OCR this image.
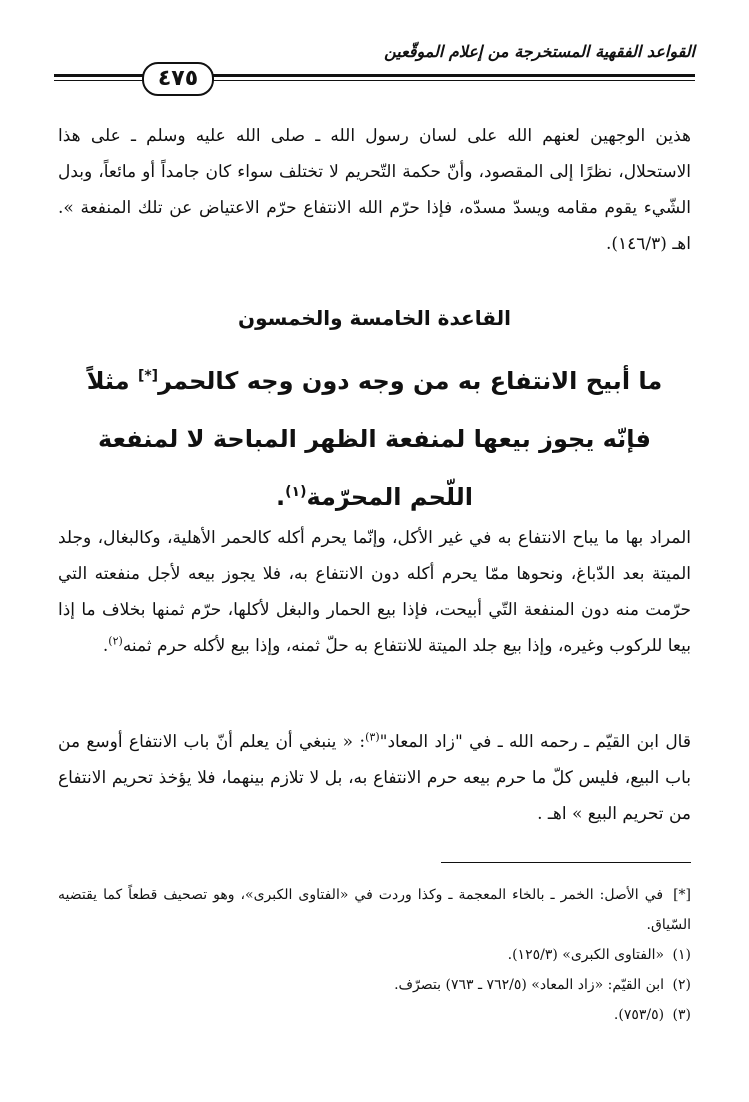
القواعد الفقهية المستخرجة من إعلام الموقّعين
٤٧٥
هذين الوجهين لعنهم الله على لسان رسول الله ـ صلى الله عليه وسلم ـ على هذا الاستحلال، نظرًا إلى المقصود، وأنّ حكمة التّحريم لا تختلف سواء كان جامداً أو مائعاً، وبدل الشّيء يقوم مقامه ويسدّ مسدّه، فإذا حرّم الله الانتفاع حرّم الاعتياض عن تلك المنفعة ». اهـ (١٤٦/٣).
القاعدة الخامسة والخمسون
ما أبيح الانتفاع به من وجه دون وجه كالحمر[*] مثلاً فإنّه يجوز بيعها لمنفعة الظهر المباحة لا لمنفعة اللّحم المحرّمة$^{(١)}$.
المراد بها ما يباح الانتفاع به في غير الأكل، وإنّما يحرم أكله كالحمر الأهلية، وكالبغال، وجلد الميتة بعد الدّباغ، ونحوها ممّا يحرم أكله دون الانتفاع به، فلا يجوز بيعه لأجل منفعته التي حرّمت منه دون المنفعة التّي أبيحت، فإذا بيع الحمار والبغل لأكلها، حرّم ثمنها بخلاف ما إذا بيعا للركوب وغيره، وإذا بيع جلد الميتة للانتفاع به حلّ ثمنه، وإذا بيع لأكله حرم ثمنه$^{(٢)}$.
قال ابن القيّم ـ رحمه الله ـ في "زاد المعاد"$^{(٣)}$: « ينبغي أن يعلم أنّ باب الانتفاع أوسع من باب البيع، فليس كلّ ما حرم بيعه حرم الانتفاع به، بل لا تلازم بينهما، فلا يؤخذ تحريم الانتفاع من تحريم البيع » اهـ .
[*] في الأصل: الخمر ـ بالخاء المعجمة ـ وكذا وردت في «الفتاوى الكبرى»، وهو تصحيف قطعاً كما يقتضيه السّياق.
(١) «الفتاوى الكبرى» (١٢٥/٣).
(٢) ابن القيّم: «زاد المعاد» (٧٦٢/٥ ـ ٧٦٣) بتصرّف.
(٣) (٧٥٣/٥).
